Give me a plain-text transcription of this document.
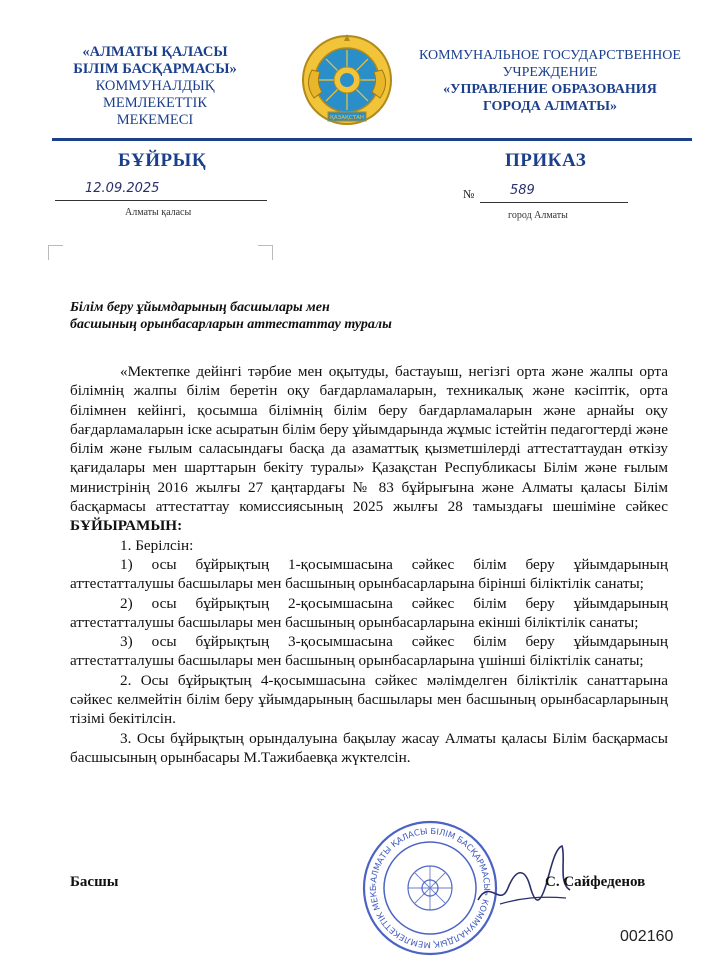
«АЛМАТЫ ҚАЛАСЫ
БІЛІМ БАСҚАРМАСЫ»
КОММУНАЛДЫҚ МЕМЛЕКЕТТІК
МЕКЕМЕСІ	ҚАЗАҚСТАН
КОММУНАЛЬНОЕ ГОСУДАРСТВЕННОЕ
УЧРЕЖДЕНИЕ
«УПРАВЛЕНИЕ ОБРАЗОВАНИЯ
ГОРОДА АЛМАТЫ»
БҰЙРЫҚ	ПРИКАЗ
12.09.2025
Алматы қаласы
№	589
город Алматы
Білім беру ұйымдарының басшылары мен
басшының орынбасарларын аттестаттау туралы

«Мектепке дейінгі тәрбие мен оқытуды, бастауыш, негізгі орта және жалпы орта білімнің жалпы білім беретін оқу бағдарламаларын, техникалық және кәсіптік, орта білімнен кейінгі, қосымша білімнің білім беру бағдарламаларын және арнайы оқу бағдарламаларын іске асыратын білім беру ұйымдарында жұмыс істейтін педагогтерді және білім және ғылым саласындағы басқа да азаматтық қызметшілерді аттестаттаудан өткізу қағидалары мен шарттарын бекіту туралы» Қазақстан Республикасы Білім және ғылым министрінің 2016 жылғы 27 қаңтардағы № 83 бұйрығына және Алматы қаласы Білім басқармасы аттестаттау комиссиясының 2025 жылғы 28 тамыздағы шешіміне сәйкес БҰЙЫРАМЫН:

1. Берілсін:

1) осы бұйрықтың 1-қосымшасына сәйкес білім беру ұйымдарының аттестатталушы басшылары мен басшының орынбасарларына бірінші біліктілік санаты;

2) осы бұйрықтың 2-қосымшасына сәйкес білім беру ұйымдарының аттестатталушы басшылары мен басшының орынбасарларына екінші біліктілік санаты;

3) осы бұйрықтың 3-қосымшасына сәйкес білім беру ұйымдарының аттестатталушы басшылары мен басшының орынбасарларына үшінші біліктілік санаты;

2. Осы бұйрықтың 4-қосымшасына сәйкес мәлімделген біліктілік санаттарына сәйкес келмейтін білім беру ұйымдарының басшылары мен басшының орынбасарларының тізімі бекітілсін.

3. Осы бұйрықтың орындалуына бақылау жасау Алматы қаласы Білім басқармасы басшысының орынбасары М.Тажибаевқа жүктелсін.

Басшы	«АЛМАТЫ ҚАЛАСЫ БІЛІМ БАСҚАРМАСЫ» КОММУНАЛДЫҚ МЕМЛЕКЕТТІК МЕКЕ	С. Сайфеденов
002160
